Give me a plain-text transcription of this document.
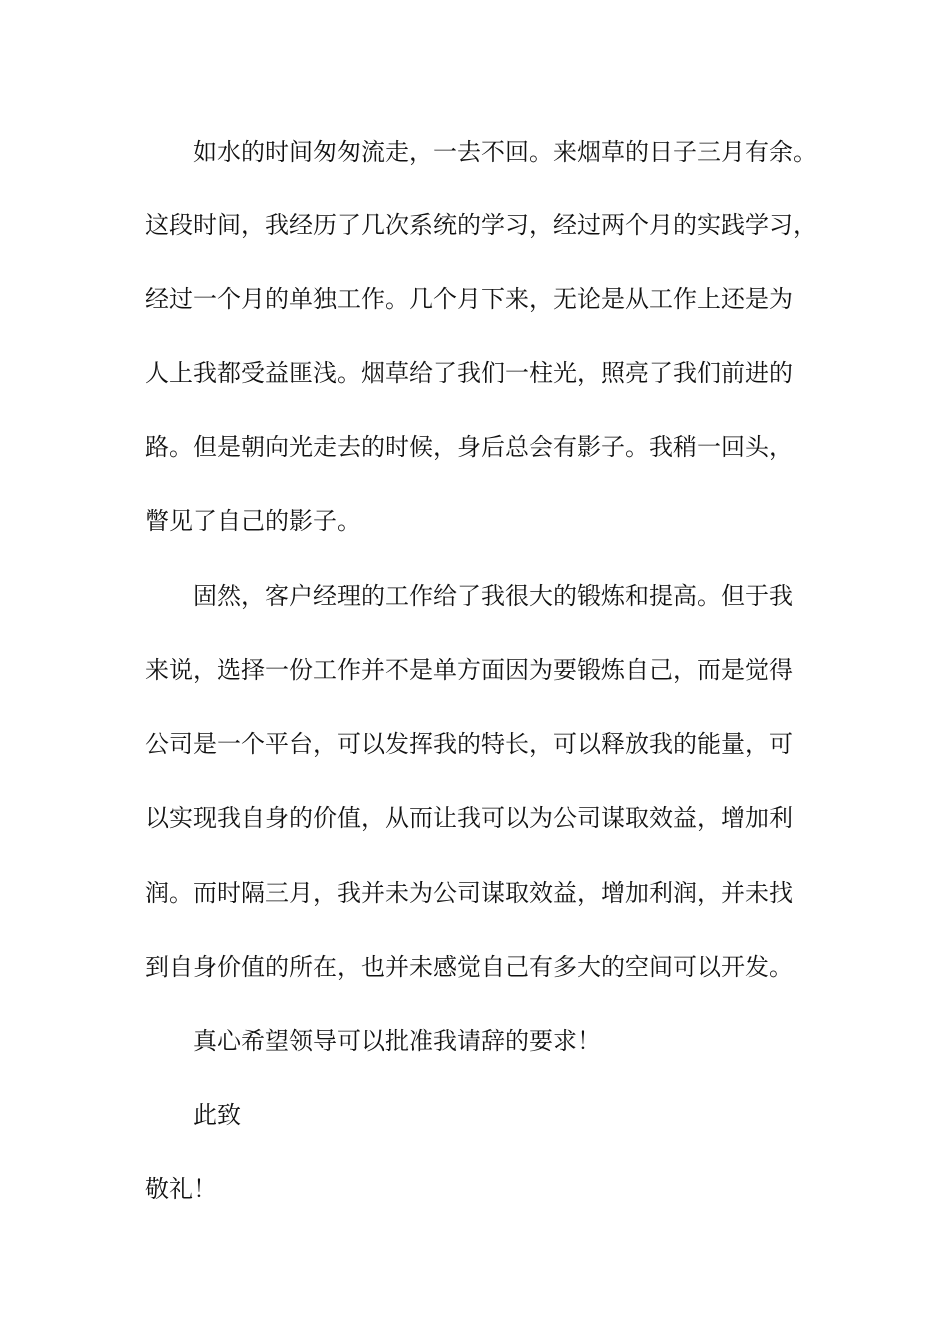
如水的时间匆匆流走，一去不回。来烟草的日子三月有余。

这段时间，我经历了几次系统的学习，经过两个月的实践学习，

经过一个月的单独工作。几个月下来，无论是从工作上还是为

人上我都受益匪浅。烟草给了我们一柱光，照亮了我们前进的

路。但是朝向光走去的时候，身后总会有影子。我稍一回头，

瞥见了自己的影子。

固然，客户经理的工作给了我很大的锻炼和提高。但于我

来说，选择一份工作并不是单方面因为要锻炼自己，而是觉得

公司是一个平台，可以发挥我的特长，可以释放我的能量，可

以实现我自身的价值，从而让我可以为公司谋取效益，增加利

润。而时隔三月，我并未为公司谋取效益，增加利润，并未找

到自身价值的所在，也并未感觉自己有多大的空间可以开发。

真心希望领导可以批准我请辞的要求！

此致

敬礼！
